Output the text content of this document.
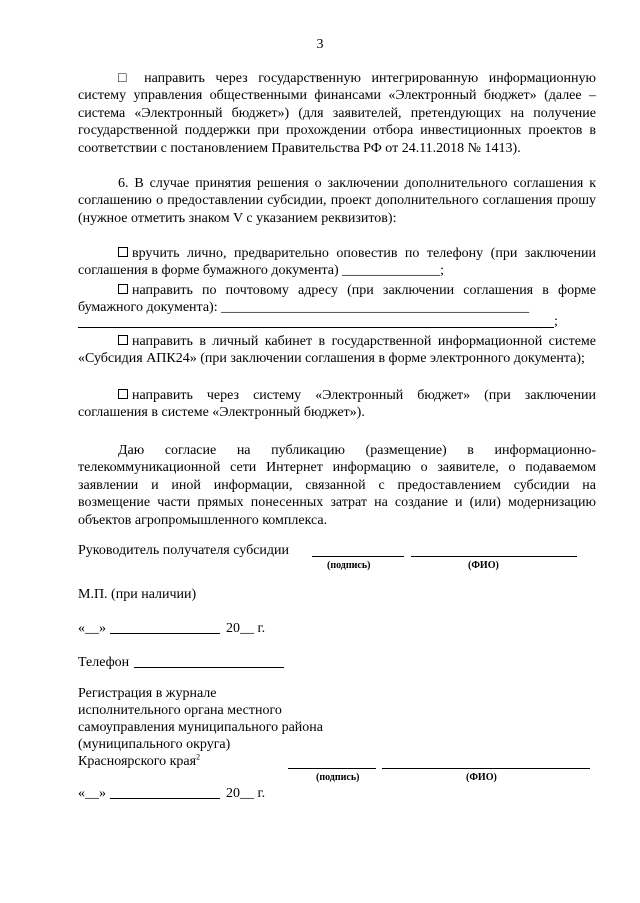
3
□ направить через государственную интегрированную информационную систему управления общественными финансами «Электронный бюджет» (далее – система «Электронный бюджет») (для заявителей, претендующих на получение государственной поддержки при прохождении отбора инвестиционных проектов в соответствии с постановлением Правительства РФ от 24.11.2018 № 1413).
6. В случае принятия решения о заключении дополнительного соглашения к соглашению о предоставлении субсидии, проект дополнительного соглашения прошу (нужное отметить знаком V с указанием реквизитов):
вручить лично, предварительно оповестив по телефону (при заключении соглашения в форме бумажного документа) ______________;
направить по почтовому адресу (при заключении соглашения в форме бумажного документа): ____________________________________________
;
направить в личный кабинет в государственной информационной системе «Субсидия АПК24» (при заключении соглашения в форме электронного документа);
направить через систему «Электронный бюджет» (при заключении соглашения в системе «Электронный бюджет»).
Даю согласие на публикацию (размещение) в информационно-телекоммуникационной сети Интернет информацию о заявителе, о подаваемом заявлении и иной информации, связанной с предоставлением субсидии на возмещение части прямых понесенных затрат на создание и (или) модернизацию объектов агропромышленного комплекса.
Руководитель получателя субсидии
(подпись)	(ФИО)
М.П. (при наличии)
«__»	20__ г.
Телефон
Регистрация в журнале
исполнительного органа местного
самоуправления муниципального района
(муниципального округа)
Красноярского края$^2$
(подпись)	(ФИО)
«__»	20__ г.
